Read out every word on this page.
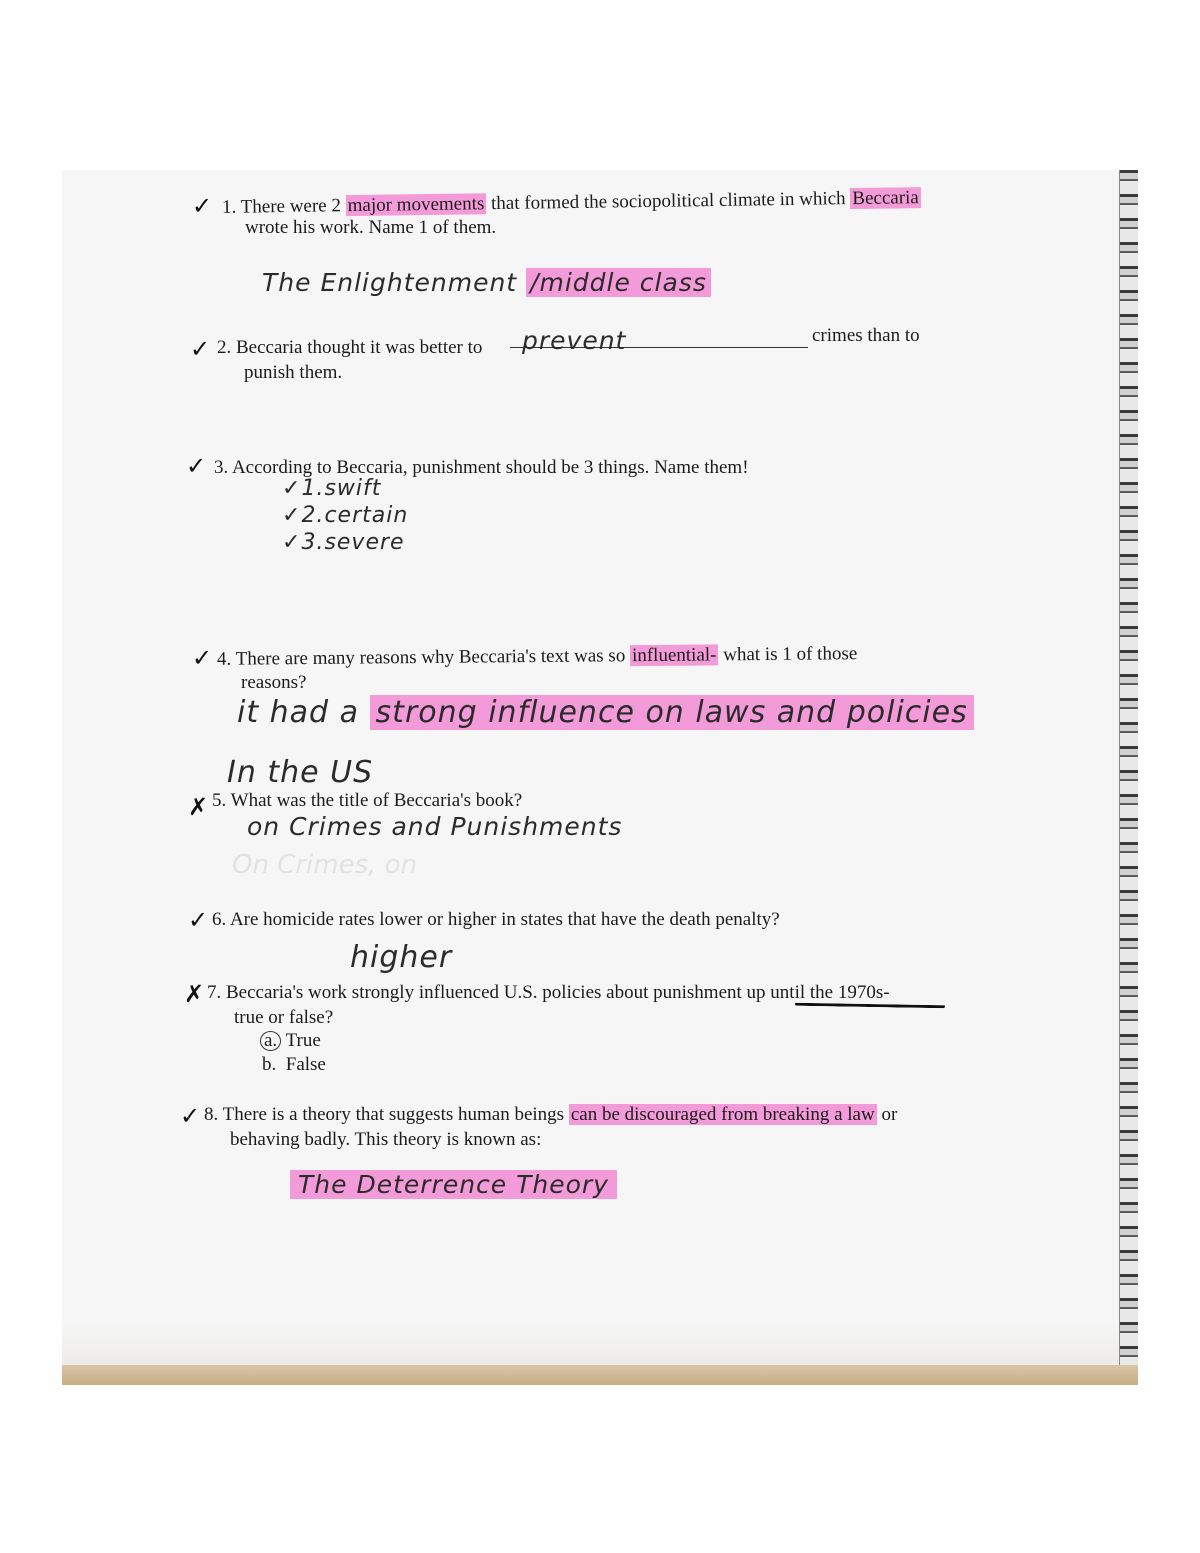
✓ 1. There were 2 major movements that formed the sociopolitical climate in which Beccaria
wrote his work. Name 1 of them.
The Enlightenment /middle class
✓ 2. Beccaria thought it was better to prevent	crimes than to
punish them.
✓ 3. According to Beccaria, punishment should be 3 things. Name them!
✓1.swift
✓2.certain
✓3.severe
✓ 4. There are many reasons why Beccaria's text was so influential- what is 1 of those
reasons?
it had a strong influence on laws and policies
In the US
✗ 5. What was the title of Beccaria's book?
on Crimes and Punishments
On Crimes, on
✓ 6. Are homicide rates lower or higher in states that have the death penalty?
higher
✗ 7. Beccaria's work strongly influenced U.S. policies about punishment up until the 1970s-
true or false?
a. True
b. False
✓ 8. There is a theory that suggests human beings can be discouraged from breaking a law or
behaving badly. This theory is known as:
The Deterrence Theory
